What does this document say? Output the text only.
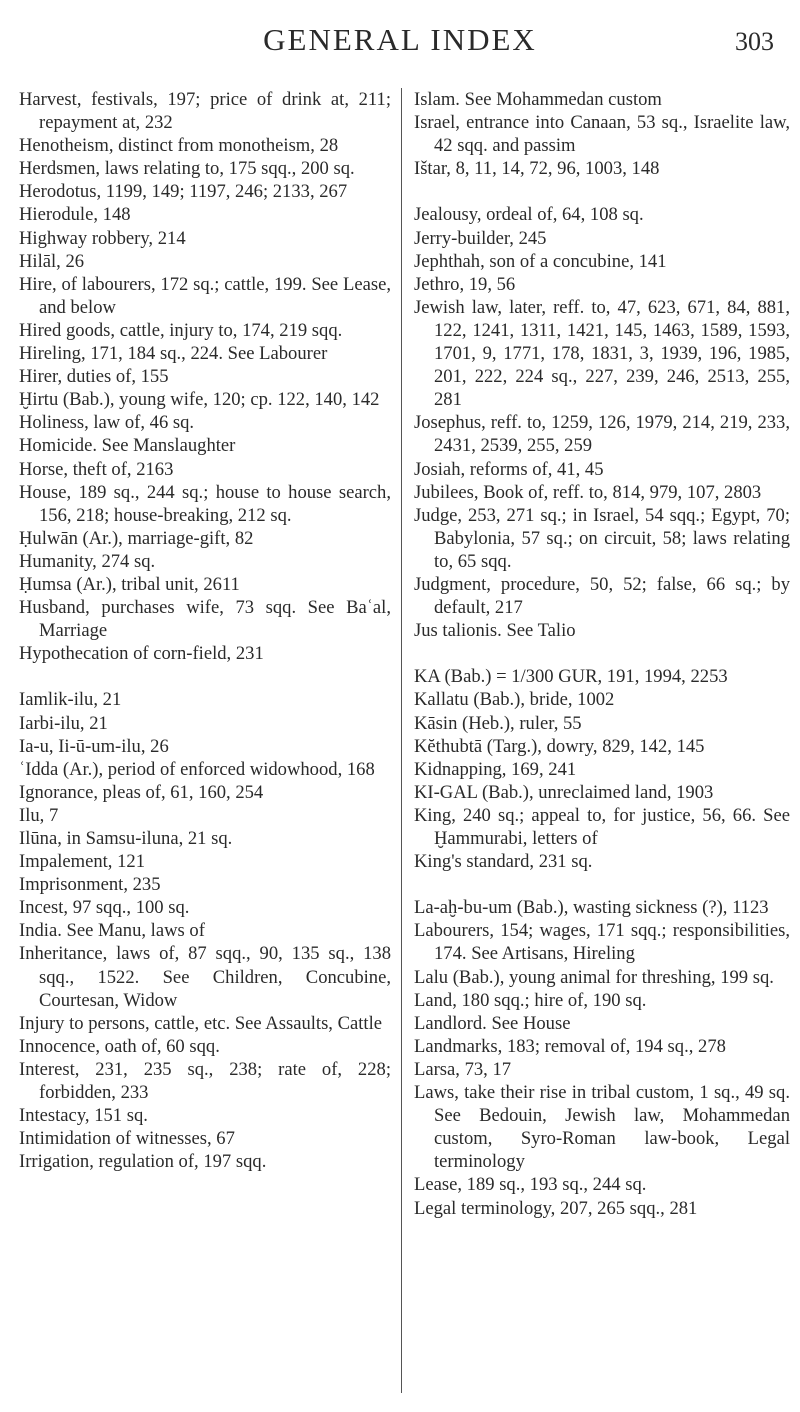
GENERAL INDEX	303
Harvest, festivals, 197; price of drink at, 211; repayment at, 232
Henotheism, distinct from monotheism, 28
Herdsmen, laws relating to, 175 sqq., 200 sq.
Herodotus, 1199, 149; 1197, 246; 2133, 267
Hierodule, 148
Highway robbery, 214
Hilāl, 26
Hire, of labourers, 172 sq.; cattle, 199. See Lease, and below
Hired goods, cattle, injury to, 174, 219 sqq.
Hireling, 171, 184 sq., 224. See Labourer
Hirer, duties of, 155
Ḫirtu (Bab.), young wife, 120; cp. 122, 140, 142
Holiness, law of, 46 sq.
Homicide. See Manslaughter
Horse, theft of, 2163
House, 189 sq., 244 sq.; house to house search, 156, 218; house-breaking, 212 sq.
Ḥulwān (Ar.), marriage-gift, 82
Humanity, 274 sq.
Ḥumsa (Ar.), tribal unit, 2611
Husband, purchases wife, 73 sqq. See Baʿal, Marriage
Hypothecation of corn-field, 231
Iamlik-ilu, 21
Iarbi-ilu, 21
Ia-u, Ii-ū-um-ilu, 26
ʿIdda (Ar.), period of enforced widowhood, 168
Ignorance, pleas of, 61, 160, 254
Ilu, 7
Ilūna, in Samsu-iluna, 21 sq.
Impalement, 121
Imprisonment, 235
Incest, 97 sqq., 100 sq.
India. See Manu, laws of
Inheritance, laws of, 87 sqq., 90, 135 sq., 138 sqq., 1522. See Children, Concubine, Courtesan, Widow
Injury to persons, cattle, etc. See Assaults, Cattle
Innocence, oath of, 60 sqq.
Interest, 231, 235 sq., 238; rate of, 228; forbidden, 233
Intestacy, 151 sq.
Intimidation of witnesses, 67
Irrigation, regulation of, 197 sqq.
Islam. See Mohammedan custom
Israel, entrance into Canaan, 53 sq., Israelite law, 42 sqq. and passim
Ištar, 8, 11, 14, 72, 96, 1003, 148
Jealousy, ordeal of, 64, 108 sq.
Jerry-builder, 245
Jephthah, son of a concubine, 141
Jethro, 19, 56
Jewish law, later, reff. to, 47, 623, 671, 84, 881, 122, 1241, 1311, 1421, 145, 1463, 1589, 1593, 1701, 9, 1771, 178, 1831, 3, 1939, 196, 1985, 201, 222, 224 sq., 227, 239, 246, 2513, 255, 281
Josephus, reff. to, 1259, 126, 1979, 214, 219, 233, 2431, 2539, 255, 259
Josiah, reforms of, 41, 45
Jubilees, Book of, reff. to, 814, 979, 107, 2803
Judge, 253, 271 sq.; in Israel, 54 sqq.; Egypt, 70; Babylonia, 57 sq.; on circuit, 58; laws relating to, 65 sqq.
Judgment, procedure, 50, 52; false, 66 sq.; by default, 217
Jus talionis. See Talio
KA (Bab.) = 1/300 GUR, 191, 1994, 2253
Kallatu (Bab.), bride, 1002
Kāsin (Heb.), ruler, 55
Kĕthubtā (Targ.), dowry, 829, 142, 145
Kidnapping, 169, 241
KI-GAL (Bab.), unreclaimed land, 1903
King, 240 sq.; appeal to, for justice, 56, 66. See Ḫammurabi, letters of
King's standard, 231 sq.
La-aḫ-bu-um (Bab.), wasting sickness (?), 1123
Labourers, 154; wages, 171 sqq.; responsibilities, 174. See Artisans, Hireling
Lalu (Bab.), young animal for threshing, 199 sq.
Land, 180 sqq.; hire of, 190 sq.
Landlord. See House
Landmarks, 183; removal of, 194 sq., 278
Larsa, 73, 17
Laws, take their rise in tribal custom, 1 sq., 49 sq. See Bedouin, Jewish law, Mohammedan custom, Syro-Roman law-book, Legal terminology
Lease, 189 sq., 193 sq., 244 sq.
Legal terminology, 207, 265 sqq., 281
